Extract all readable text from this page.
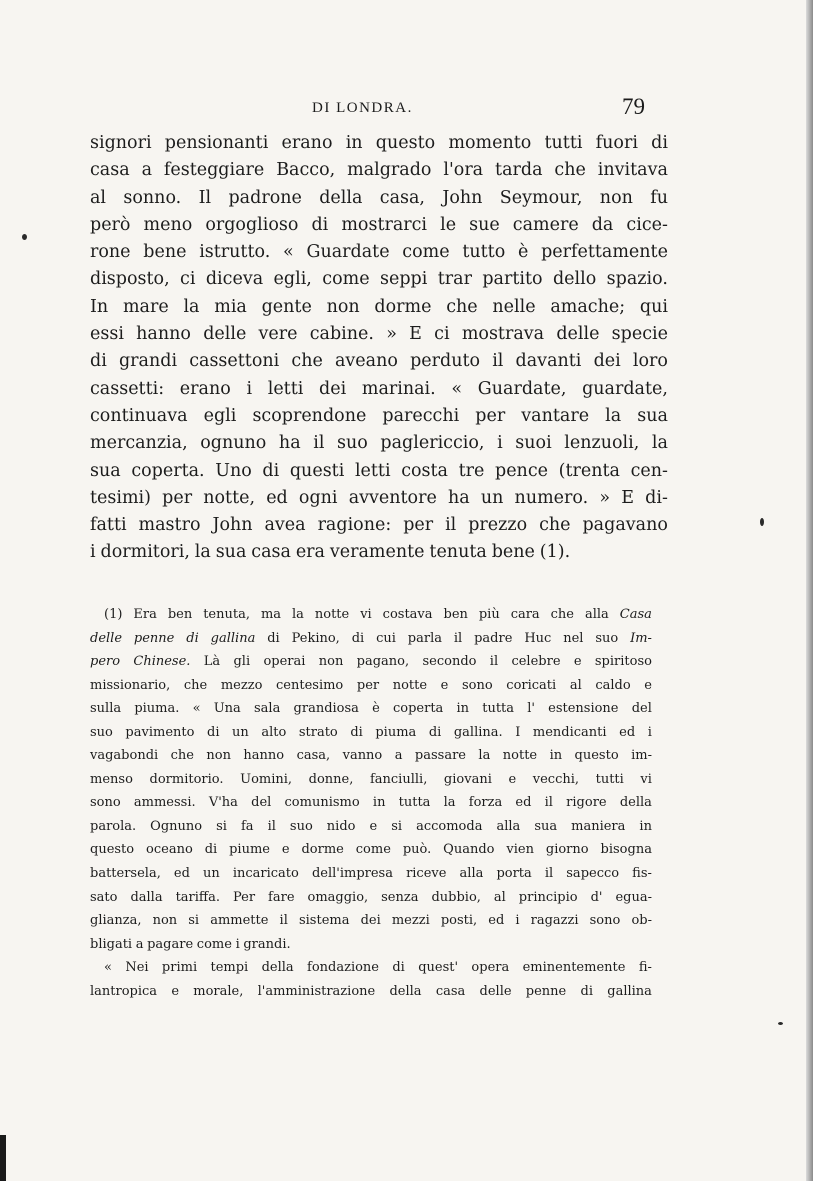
DI LONDRA.	79
signori pensionanti erano in questo momento tutti fuori di
casa a festeggiare Bacco, malgrado l'ora tarda che invitava
al sonno. Il padrone della casa, John Seymour, non fu
però meno orgoglioso di mostrarci le sue camere da cice-
rone bene istrutto. « Guardate come tutto è perfettamente
disposto, ci diceva egli, come seppi trar partito dello spazio.
In mare la mia gente non dorme che nelle amache; qui
essi hanno delle vere cabine. » E ci mostrava delle specie
di grandi cassettoni che aveano perduto il davanti dei loro
cassetti: erano i letti dei marinai. « Guardate, guardate,
continuava egli scoprendone parecchi per vantare la sua
mercanzia, ognuno ha il suo paglericcio, i suoi lenzuoli, la
sua coperta. Uno di questi letti costa tre pence (trenta cen-
tesimi) per notte, ed ogni avventore ha un numero. » E di-
fatti mastro John avea ragione: per il prezzo che pagavano
i dormitori, la sua casa era veramente tenuta bene (1).
(1) Era ben tenuta, ma la notte vi costava ben più cara che alla Casa
delle penne di gallina di Pekino, di cui parla il padre Huc nel suo Im-
pero Chinese. Là gli operai non pagano, secondo il celebre e spiritoso
missionario, che mezzo centesimo per notte e sono coricati al caldo e
sulla piuma. « Una sala grandiosa è coperta in tutta l' estensione del
suo pavimento di un alto strato di piuma di gallina. I mendicanti ed i
vagabondi che non hanno casa, vanno a passare la notte in questo im-
menso dormitorio. Uomini, donne, fanciulli, giovani e vecchi, tutti vi
sono ammessi. V'ha del comunismo in tutta la forza ed il rigore della
parola. Ognuno si fa il suo nido e si accomoda alla sua maniera in
questo oceano di piume e dorme come può. Quando vien giorno bisogna
battersela, ed un incaricato dell'impresa riceve alla porta il sapecco fis-
sato dalla tariffa. Per fare omaggio, senza dubbio, al principio d' egua-
glianza, non si ammette il sistema dei mezzi posti, ed i ragazzi sono ob-
bligati a pagare come i grandi.
« Nei primi tempi della fondazione di quest' opera eminentemente fi-
lantropica e morale, l'amministrazione della casa delle penne di gallina
